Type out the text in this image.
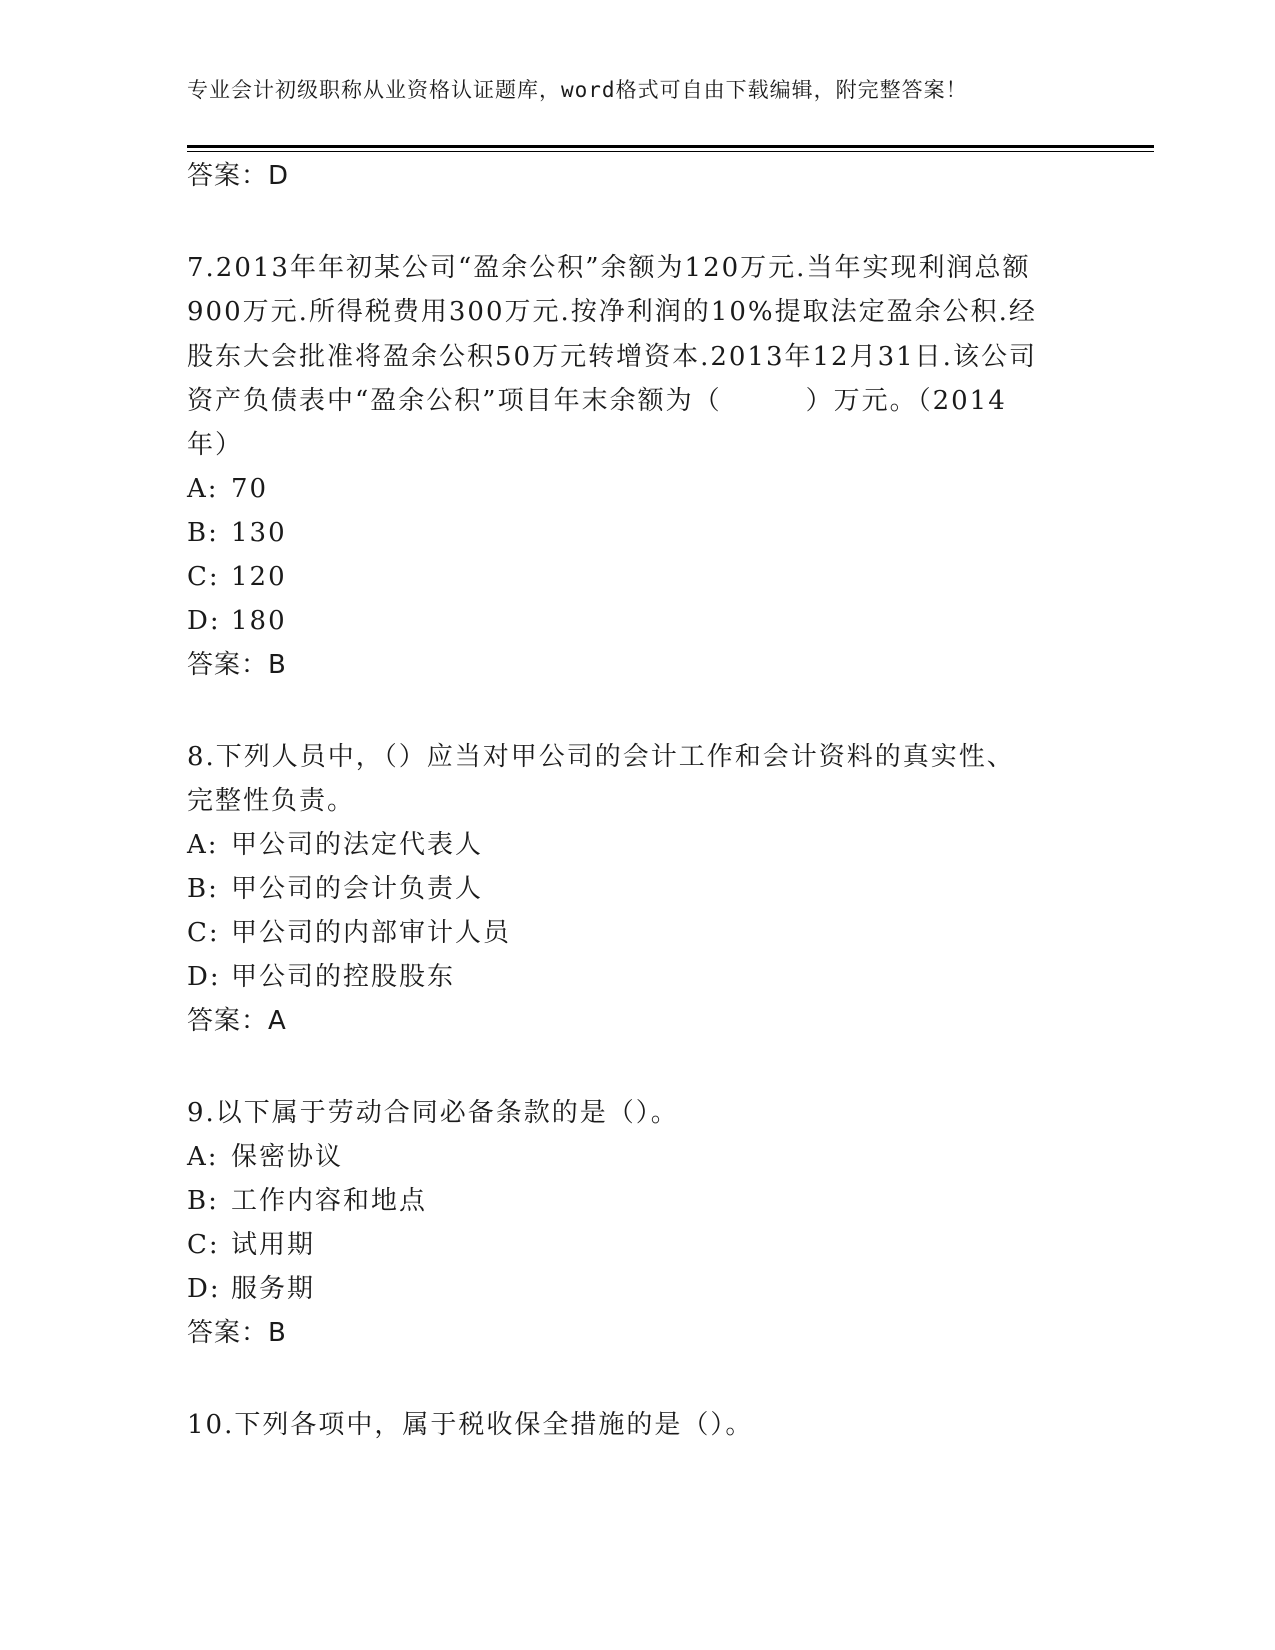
专业会计初级职称从业资格认证题库，word格式可自由下载编辑，附完整答案！
答案：D
7.2013年年初某公司“盈余公积”余额为120万元.当年实现利润总额
900万元.所得税费用300万元.按净利润的10%提取法定盈余公积.经
股东大会批准将盈余公积50万元转增资本.2013年12月31日.该公司
资产负债表中“盈余公积”项目年末余额为（　　　）万元。（2014
年）
A: 70
B: 130
C: 120
D: 180
答案：B
8.下列人员中，（）应当对甲公司的会计工作和会计资料的真实性、
完整性负责。
A: 甲公司的法定代表人
B: 甲公司的会计负责人
C: 甲公司的内部审计人员
D: 甲公司的控股股东
答案：A
9.以下属于劳动合同必备条款的是（）。
A: 保密协议
B: 工作内容和地点
C: 试用期
D: 服务期
答案：B
10.下列各项中，属于税收保全措施的是（）。
